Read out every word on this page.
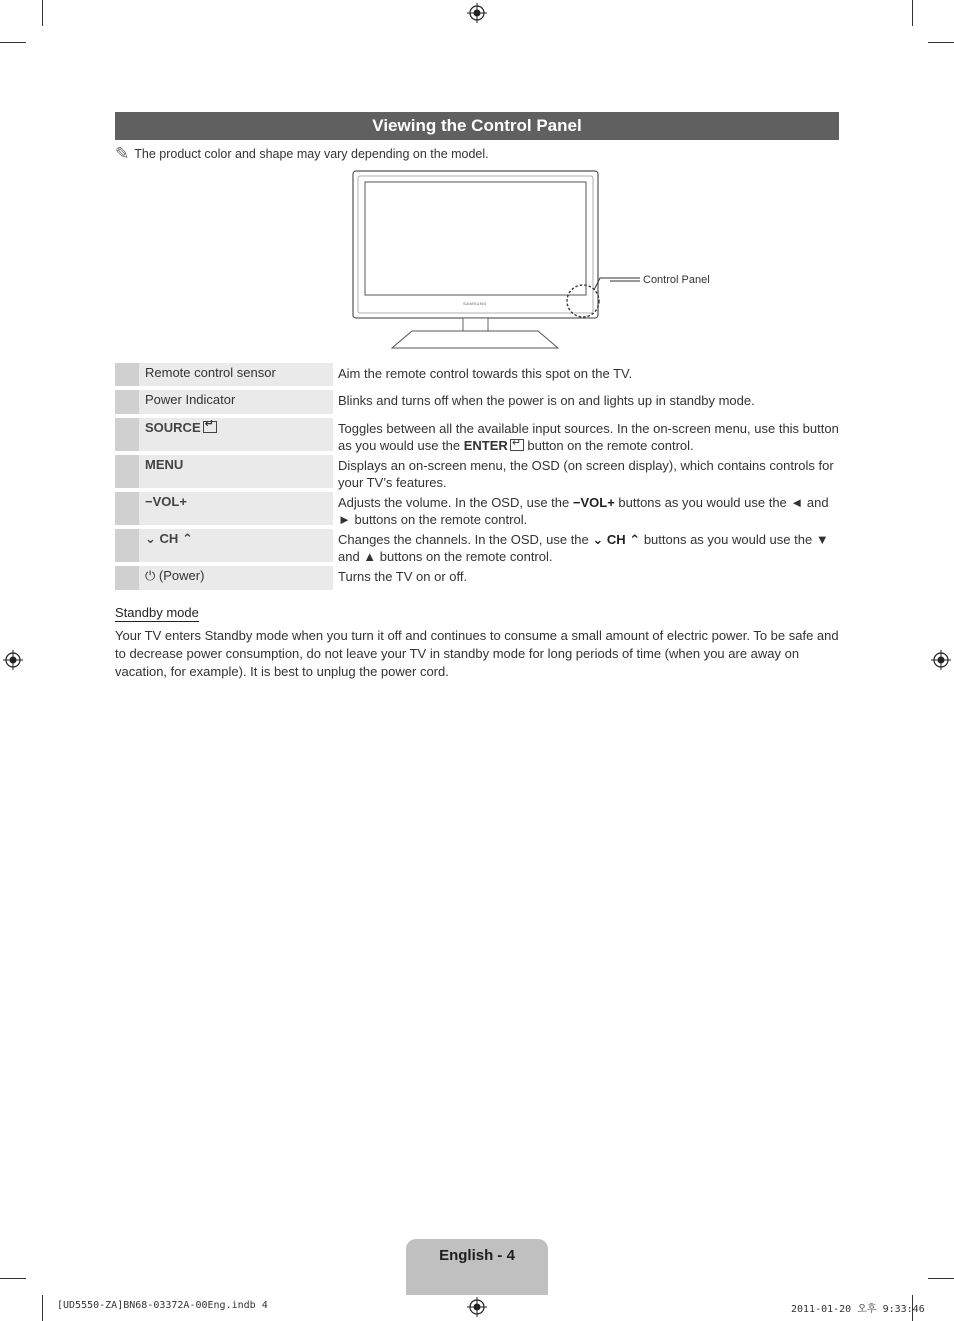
Viewing the Control Panel
✎ The product color and shape may vary depending on the model.
SAMSUNG
Control Panel
Remote control sensor	Aim the remote control towards this spot on the TV.
Power Indicator	Blinks and turns off when the power is on and lights up in standby mode.
SOURCE↵	Toggles between all the available input sources. In the on-screen menu, use this button as you would use the ENTER↵ button on the remote control.
MENU	Displays an on-screen menu, the OSD (on screen display), which contains controls for your TV’s features.
−VOL+	Adjusts the volume. In the OSD, use the −VOL+ buttons as you would use the ◄ and ► buttons on the remote control.
⌄ CH ⌃	Changes the channels. In the OSD, use the ⌄ CH ⌃ buttons as you would use the ▼ and ▲ buttons on the remote control.
⏻ (Power)	Turns the TV on or off.
Standby mode
Your TV enters Standby mode when you turn it off and continues to consume a small amount of electric power. To be safe and to decrease power consumption, do not leave your TV in standby mode for long periods of time (when you are away on vacation, for example). It is best to unplug the power cord.
English - 4
[UD5550-ZA]BN68-03372A-00Eng.indb 4	2011-01-20 오후 9:33:46
